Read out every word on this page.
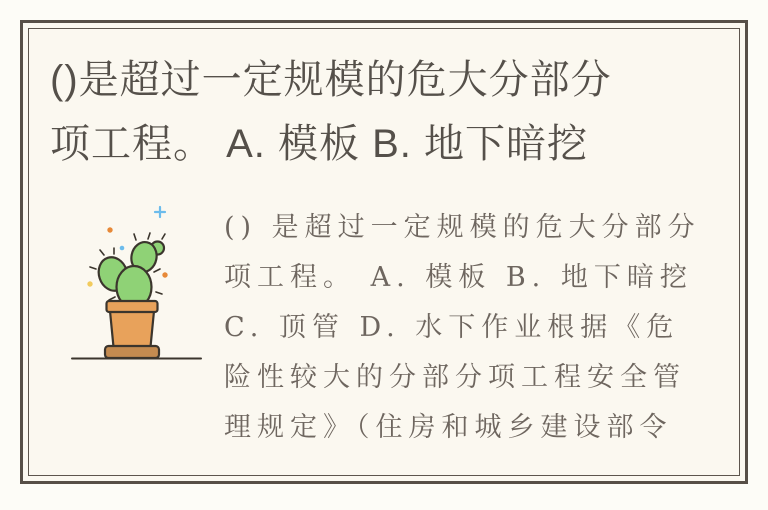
()是超过一定规模的危大分部分
项工程。 A. 模板 B. 地下暗挖
() 是超过一定规模的危大分部分
项工程。 A. 模板 B. 地下暗挖
C. 顶管 D. 水下作业根据《危
险性较大的分部分项工程安全管
理规定》（住房和城乡建设部令
